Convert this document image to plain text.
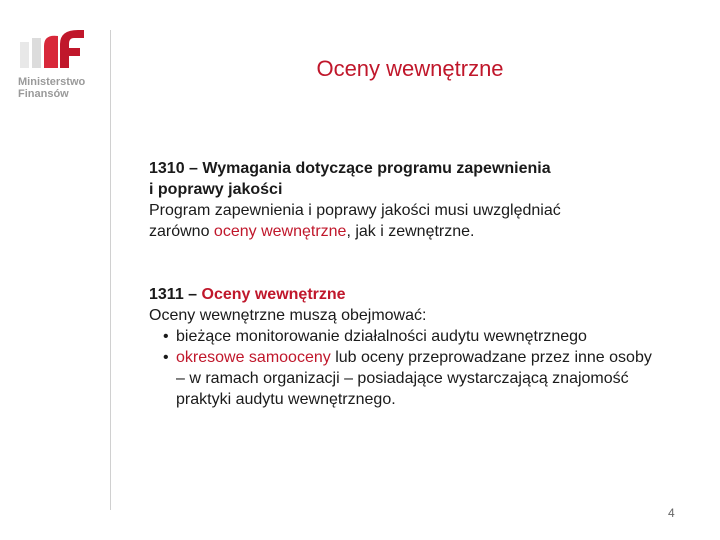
Ministerstwo
Finansów
Oceny wewnętrzne

1310 – Wymagania dotyczące programu zapewnienia

i poprawy jakości

Program zapewnienia i poprawy jakości musi uwzględniać

zarówno oceny wewnętrzne, jak i zewnętrzne.

1311 – Oceny wewnętrzne

Oceny wewnętrzne muszą obejmować:

• bieżące monitorowanie działalności audytu wewnętrznego
• okresowe samooceny lub oceny przeprowadzane przez inne osoby – w ramach organizacji – posiadające wystarczającą znajomość praktyki audytu wewnętrznego.
4
